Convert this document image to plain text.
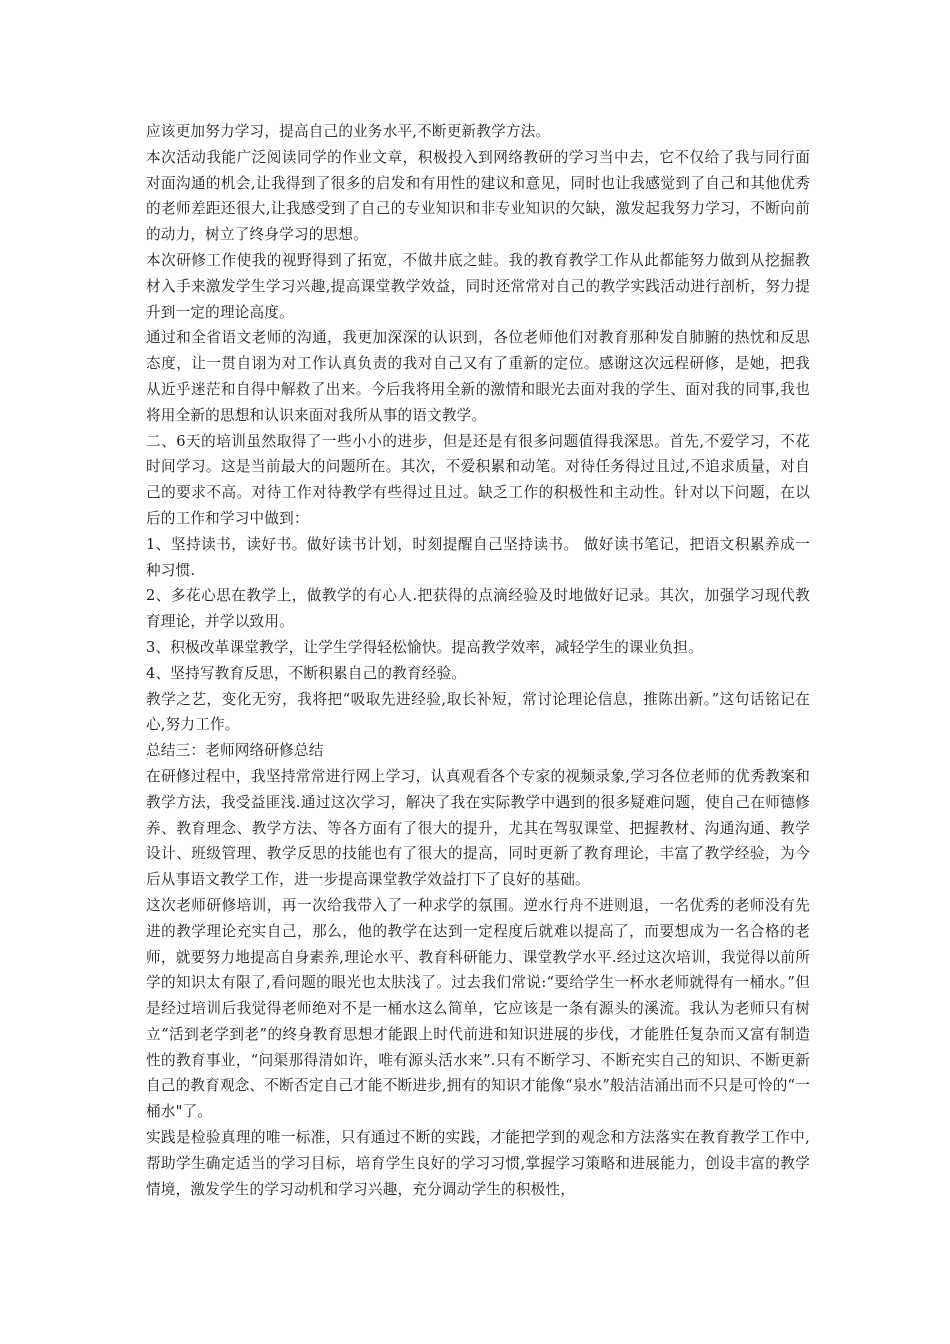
应该更加努力学习，提高自己的业务水平,不断更新教学方法。

本次活动我能广泛阅读同学的作业文章，积极投入到网络教研的学习当中去，它不仅给了我与同行面对面沟通的机会,让我得到了很多的启发和有用性的建议和意见，同时也让我感觉到了自己和其他优秀的老师差距还很大,让我感受到了自己的专业知识和非专业知识的欠缺，激发起我努力学习，不断向前的动力，树立了终身学习的思想。

本次研修工作使我的视野得到了拓宽，不做井底之蛙。我的教育教学工作从此都能努力做到从挖掘教材入手来激发学生学习兴趣,提高课堂教学效益，同时还常常对自己的教学实践活动进行剖析，努力提升到一定的理论高度。

通过和全省语文老师的沟通，我更加深深的认识到，各位老师他们对教育那种发自肺腑的热忱和反思态度，让一贯自诩为对工作认真负责的我对自己又有了重新的定位。感谢这次远程研修，是她，把我从近乎迷茫和自得中解救了出来。今后我将用全新的激情和眼光去面对我的学生、面对我的同事,我也将用全新的思想和认识来面对我所从事的语文教学。

二、6天的培训虽然取得了一些小小的进步，但是还是有很多问题值得我深思。首先,不爱学习，不花时间学习。这是当前最大的问题所在。其次，不爱积累和动笔。对待任务得过且过,不追求质量，对自己的要求不高。对待工作对待教学有些得过且过。缺乏工作的积极性和主动性。针对以下问题，在以后的工作和学习中做到：

1、坚持读书，读好书。做好读书计划，时刻提醒自己坚持读书。 做好读书笔记，把语文积累养成一种习惯.

2、多花心思在教学上，做教学的有心人.把获得的点滴经验及时地做好记录。其次，加强学习现代教育理论，并学以致用。

3、积极改革课堂教学，让学生学得轻松愉快。提高教学效率，减轻学生的课业负担。

4、坚持写教育反思，不断积累自己的教育经验。

教学之艺，变化无穷，我将把“吸取先进经验,取长补短，常讨论理论信息，推陈出新。”这句话铭记在心,努力工作。

总结三：老师网络研修总结

在研修过程中，我坚持常常进行网上学习，认真观看各个专家的视频录象,学习各位老师的优秀教案和教学方法，我受益匪浅.通过这次学习，解决了我在实际教学中遇到的很多疑难问题，使自己在师德修养、教育理念、教学方法、等各方面有了很大的提升，尤其在驾驭课堂、把握教材、沟通沟通、教学设计、班级管理、教学反思的技能也有了很大的提高，同时更新了教育理论，丰富了教学经验，为今后从事语文教学工作，进一步提高课堂教学效益打下了良好的基础。

这次老师研修培训，再一次给我带入了一种求学的氛围。逆水行舟不进则退，一名优秀的老师没有先进的教学理论充实自己，那么，他的教学在达到一定程度后就难以提高了，而要想成为一名合格的老师，就要努力地提高自身素养,理论水平、教育科研能力、课堂教学水平.经过这次培训，我觉得以前所学的知识太有限了,看问题的眼光也太肤浅了。过去我们常说:“要给学生一杯水老师就得有一桶水。”但是经过培训后我觉得老师绝对不是一桶水这么简单，它应该是一条有源头的溪流。我认为老师只有树立“活到老学到老”的终身教育思想才能跟上时代前进和知识进展的步伐，才能胜任复杂而又富有制造性的教育事业，“问渠那得清如许，唯有源头活水来”.只有不断学习、不断充实自己的知识、不断更新自己的教育观念、不断否定自己才能不断进步,拥有的知识才能像“泉水”般洁洁涌出而不只是可怜的“一桶水"了。

实践是检验真理的唯一标准，只有通过不断的实践，才能把学到的观念和方法落实在教育教学工作中,帮助学生确定适当的学习目标，培育学生良好的学习习惯,掌握学习策略和进展能力，创设丰富的教学情境，激发学生的学习动机和学习兴趣，充分调动学生的积极性，
